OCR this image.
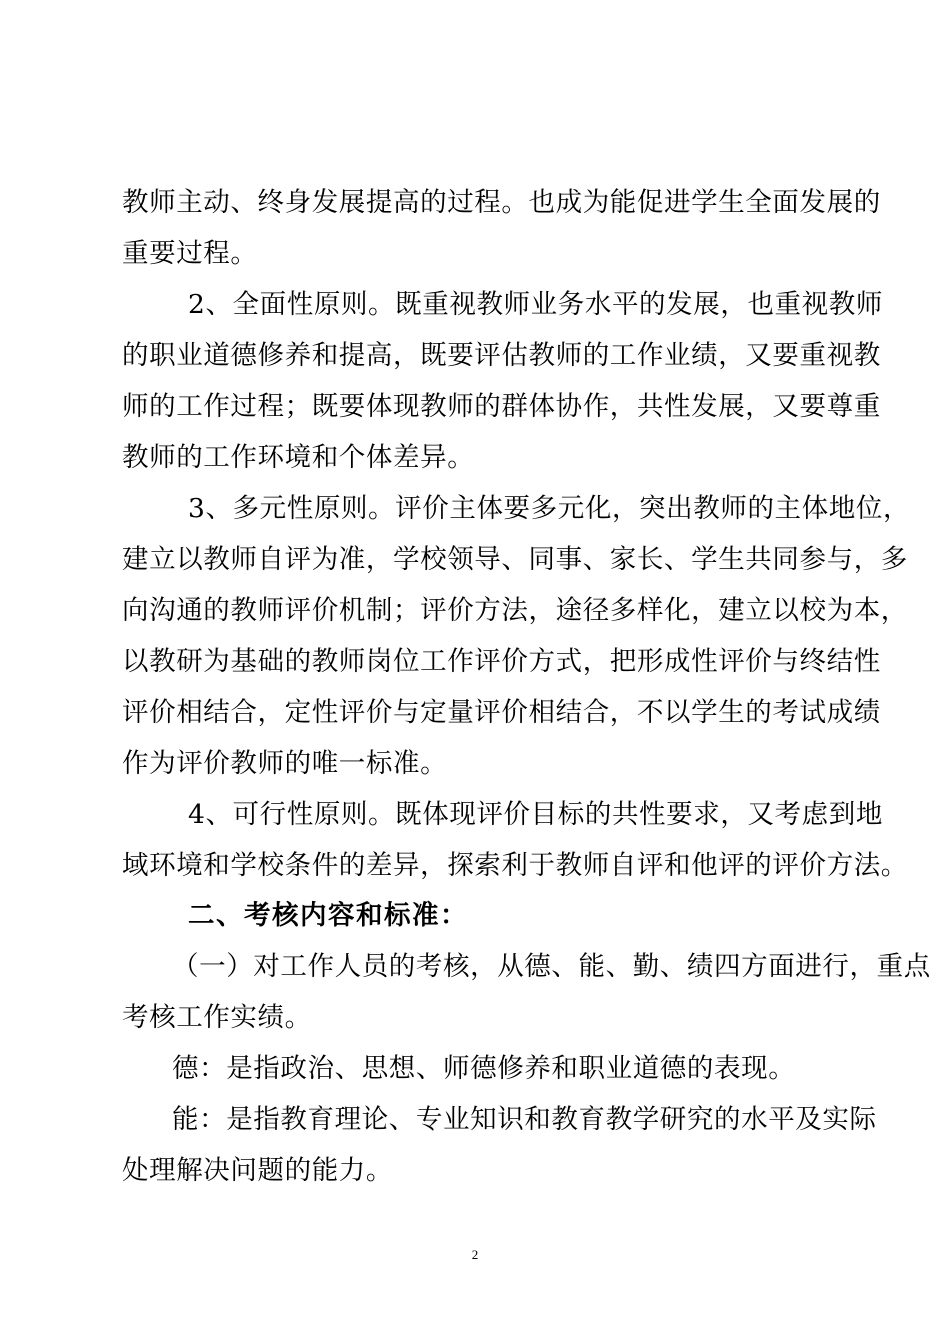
教师主动、终身发展提高的过程。也成为能促进学生全面发展的
重要过程。
2、全面性原则。既重视教师业务水平的发展，也重视教师
的职业道德修养和提高，既要评估教师的工作业绩，又要重视教
师的工作过程；既要体现教师的群体协作，共性发展，又要尊重
教师的工作环境和个体差异。
3、多元性原则。评价主体要多元化，突出教师的主体地位，
建立以教师自评为准，学校领导、同事、家长、学生共同参与，多
向沟通的教师评价机制；评价方法，途径多样化，建立以校为本，
以教研为基础的教师岗位工作评价方式，把形成性评价与终结性
评价相结合，定性评价与定量评价相结合，不以学生的考试成绩
作为评价教师的唯一标准。
4、可行性原则。既体现评价目标的共性要求，又考虑到地
域环境和学校条件的差异，探索利于教师自评和他评的评价方法。
二、考核内容和标准：
（一）对工作人员的考核，从德、能、勤、绩四方面进行，重点
考核工作实绩。
德：是指政治、思想、师德修养和职业道德的表现。
能：是指教育理论、专业知识和教育教学研究的水平及实际
处理解决问题的能力。
2
